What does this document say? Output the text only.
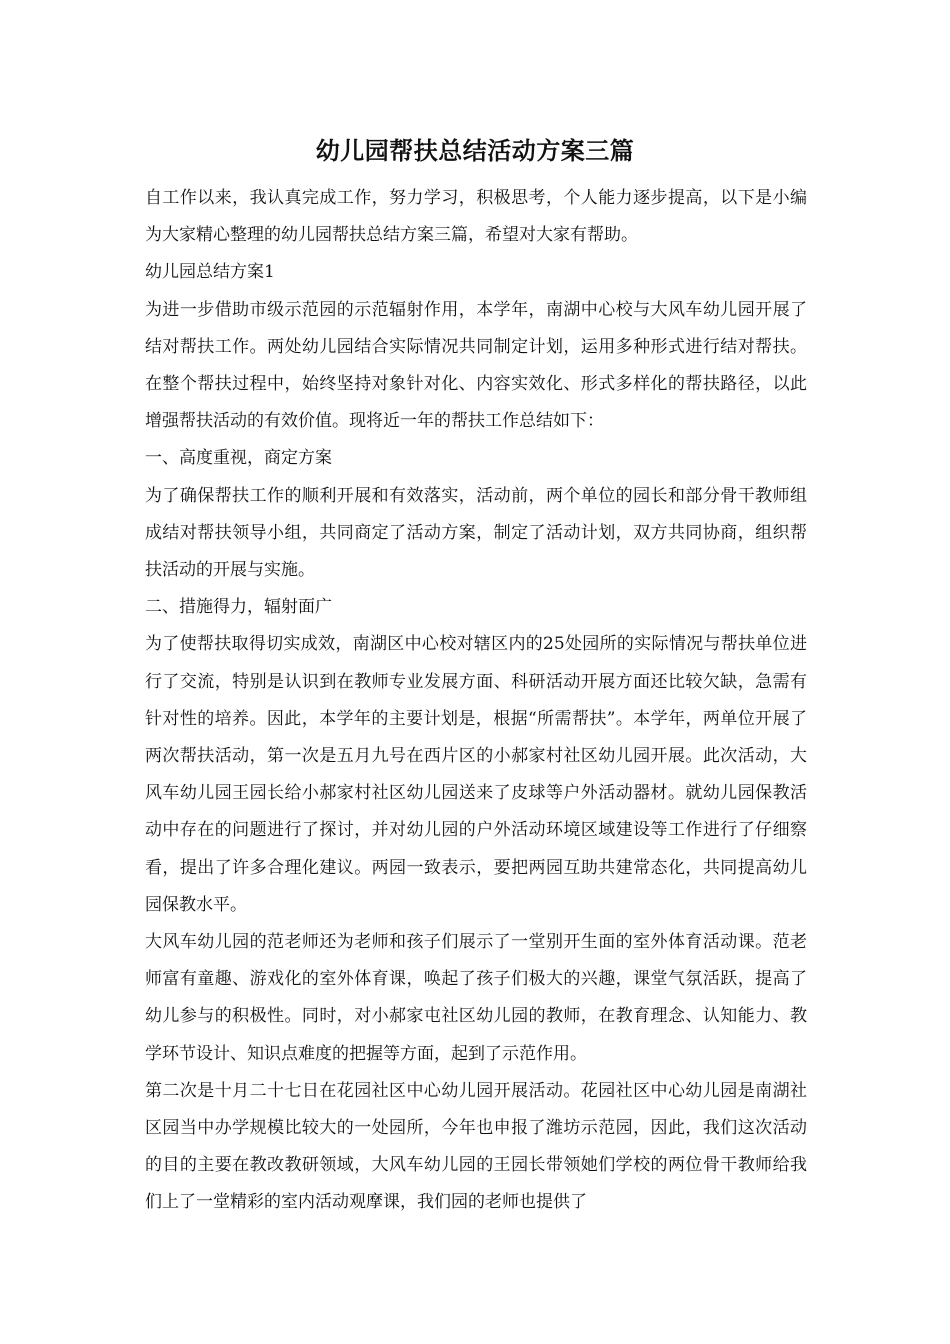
幼儿园帮扶总结活动方案三篇

自工作以来，我认真完成工作，努力学习，积极思考，个人能力逐步提高，以下是小编为大家精心整理的幼儿园帮扶总结方案三篇，希望对大家有帮助。

幼儿园总结方案1

为进一步借助市级示范园的示范辐射作用，本学年，南湖中心校与大风车幼儿园开展了结对帮扶工作。两处幼儿园结合实际情况共同制定计划，运用多种形式进行结对帮扶。在整个帮扶过程中，始终坚持对象针对化、内容实效化、形式多样化的帮扶路径，以此增强帮扶活动的有效价值。现将近一年的帮扶工作总结如下：

一、高度重视，商定方案

为了确保帮扶工作的顺利开展和有效落实，活动前，两个单位的园长和部分骨干教师组成结对帮扶领导小组，共同商定了活动方案，制定了活动计划，双方共同协商，组织帮扶活动的开展与实施。

二、措施得力，辐射面广

为了使帮扶取得切实成效，南湖区中心校对辖区内的25处园所的实际情况与帮扶单位进行了交流，特别是认识到在教师专业发展方面、科研活动开展方面还比较欠缺，急需有针对性的培养。因此，本学年的主要计划是，根据“所需帮扶”。本学年，两单位开展了两次帮扶活动，第一次是五月九号在西片区的小郝家村社区幼儿园开展。此次活动，大风车幼儿园王园长给小郝家村社区幼儿园送来了皮球等户外活动器材。就幼儿园保教活动中存在的问题进行了探讨，并对幼儿园的户外活动环境区域建设等工作进行了仔细察看，提出了许多合理化建议。两园一致表示，要把两园互助共建常态化，共同提高幼儿园保教水平。

大风车幼儿园的范老师还为老师和孩子们展示了一堂别开生面的室外体育活动课。范老师富有童趣、游戏化的室外体育课，唤起了孩子们极大的兴趣，课堂气氛活跃，提高了幼儿参与的积极性。同时，对小郝家屯社区幼儿园的教师，在教育理念、认知能力、教学环节设计、知识点难度的把握等方面，起到了示范作用。

第二次是十月二十七日在花园社区中心幼儿园开展活动。花园社区中心幼儿园是南湖社区园当中办学规模比较大的一处园所，今年也申报了潍坊示范园，因此，我们这次活动的目的主要在教改教研领域，大风车幼儿园的王园长带领她们学校的两位骨干教师给我们上了一堂精彩的室内活动观摩课，我们园的老师也提供了
